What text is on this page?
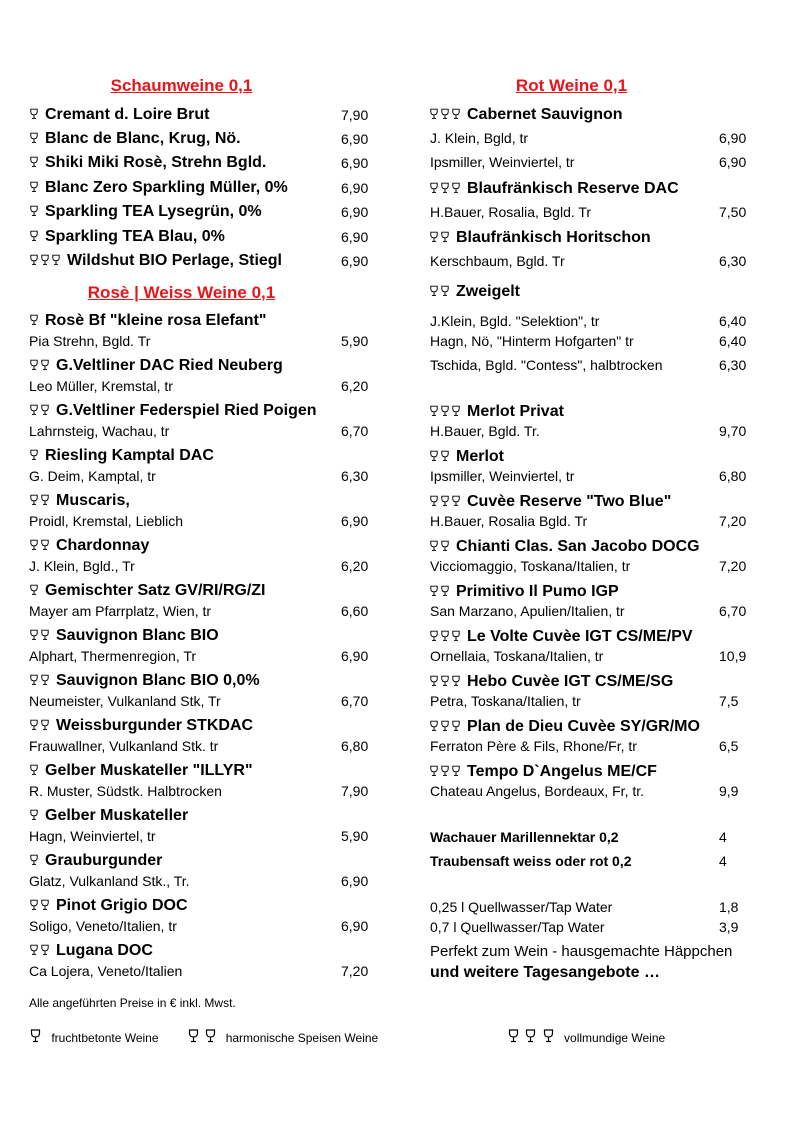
Schaumweine 0,1
Cremant d. Loire Brut	7,90
Blanc de Blanc, Krug, Nö.	6,90
Shiki Miki Rosè, Strehn Bgld.	6,90
Blanc Zero Sparkling Müller, 0%	6,90
Sparkling TEA Lysegrün, 0%	6,90
Sparkling TEA Blau, 0%	6,90
Wildshut BIO Perlage, Stiegl	6,90
Rosè | Weiss Weine 0,1
Rosè Bf "kleine rosa Elefant"
Pia Strehn, Bgld. Tr	5,90
G.Veltliner DAC Ried Neuberg
Leo Müller, Kremstal, tr	6,20
G.Veltliner Federspiel Ried Poigen
Lahrnsteig, Wachau, tr	6,70
Riesling Kamptal DAC
G. Deim, Kamptal, tr	6,30
Muscaris,
Proidl, Kremstal, Lieblich	6,90
Chardonnay
J. Klein, Bgld., Tr	6,20
Gemischter Satz GV/RI/RG/ZI
Mayer am Pfarrplatz, Wien, tr	6,60
Sauvignon Blanc BIO
Alphart, Thermenregion, Tr	6,90
Sauvignon Blanc BIO 0,0%
Neumeister, Vulkanland Stk, Tr	6,70
Weissburgunder STKDAC
Frauwallner, Vulkanland Stk. tr	6,80
Gelber Muskateller "ILLYR"
R. Muster, Südstk. Halbtrocken	7,90
Gelber Muskateller
Hagn, Weinviertel, tr	5,90
Grauburgunder
Glatz, Vulkanland Stk., Tr.	6,90
Pinot Grigio DOC
Soligo, Veneto/Italien, tr	6,90
Lugana DOC
Ca Lojera, Veneto/Italien	7,20
Alle angeführten Preise in € inkl. Mwst.
Rot Weine 0,1
Cabernet Sauvignon
J. Klein, Bgld, tr	6,90
Ipsmiller, Weinviertel, tr	6,90
Blaufränkisch Reserve DAC
H.Bauer, Rosalia, Bgld. Tr	7,50
Blaufränkisch Horitschon
Kerschbaum, Bgld. Tr	6,30
Zweigelt
J.Klein, Bgld. "Selektion", tr	6,40
Hagn, Nö, "Hinterm Hofgarten" tr	6,40
Tschida, Bgld. "Contess", halbtrocken	6,30
Merlot Privat
H.Bauer, Bgld. Tr.	9,70
Merlot
Ipsmiller, Weinviertel, tr	6,80
Cuvèe Reserve "Two Blue"
H.Bauer, Rosalia Bgld. Tr	7,20
Chianti Clas. San Jacobo DOCG
Vicciomaggio, Toskana/Italien, tr	7,20
Primitivo Il Pumo IGP
San Marzano, Apulien/Italien, tr	6,70
Le Volte Cuvèe IGT CS/ME/PV
Ornellaia, Toskana/Italien, tr	10,9
Hebo Cuvèe IGT CS/ME/SG
Petra, Toskana/Italien, tr	7,5
Plan de Dieu Cuvèe SY/GR/MO
Ferraton Père & Fils, Rhone/Fr, tr	6,5
Tempo D`Angelus ME/CF
Chateau Angelus, Bordeaux, Fr, tr.	9,9
Wachauer Marillennektar 0,2	4
Traubensaft weiss oder rot 0,2	4
0,25 l Quellwasser/Tap Water	1,8
0,7 l Quellwasser/Tap Water	3,9
Perfekt zum Wein - hausgemachte Häppchen
und weitere Tagesangebote …
fruchtbetonte Weine
	harmonische Speisen Weine

	vollmundige Weine
